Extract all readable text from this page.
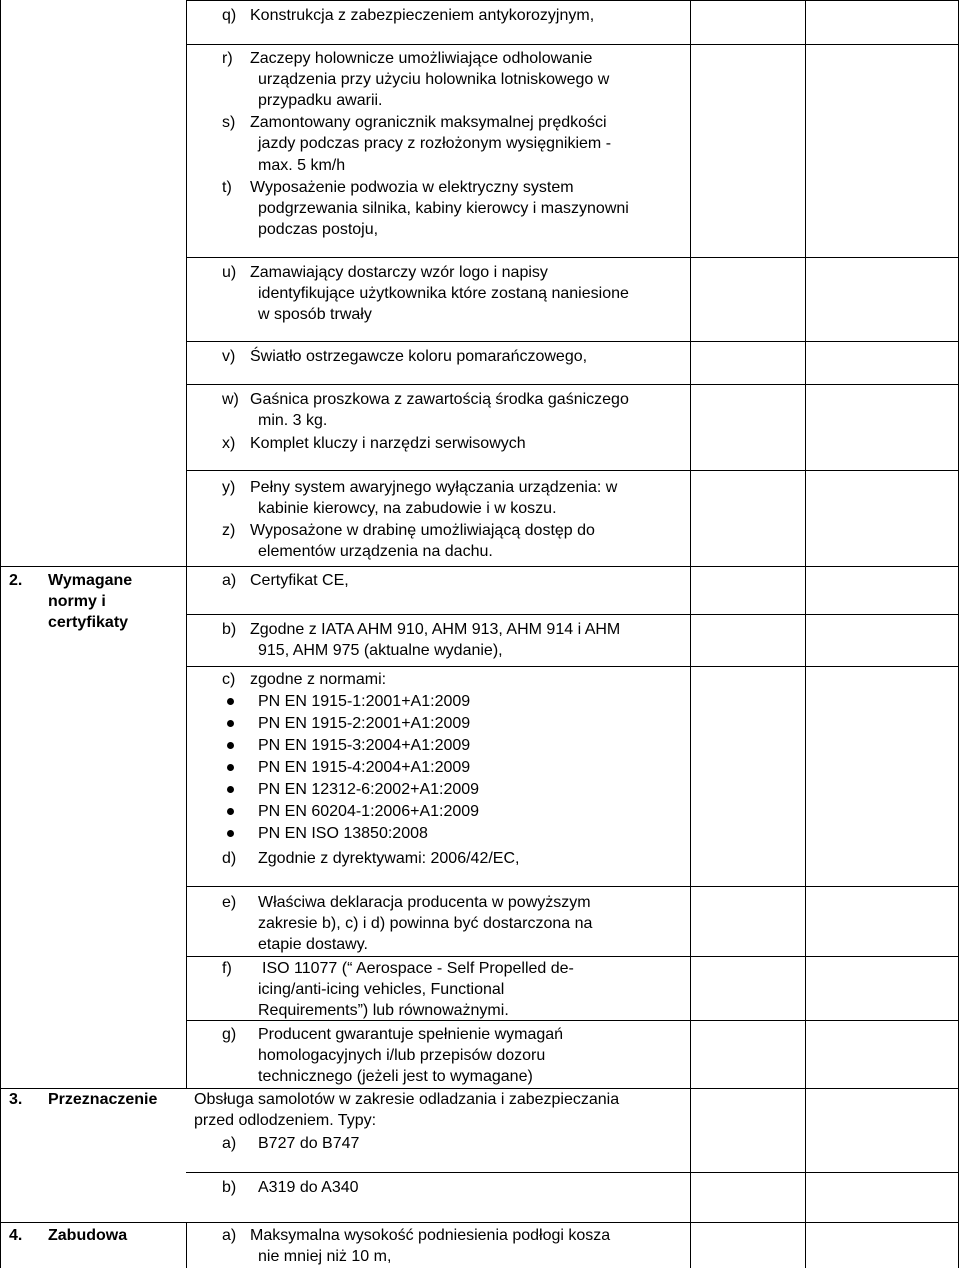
2. Wymagane
normy i
certyfikaty
3. Przeznaczenie
4. Zabudowa
q) Konstrukcja z zabezpieczeniem antykorozyjnym,
r) Zaczepy holownicze umożliwiające odholowanie
urządzenia przy użyciu holownika lotniskowego w
przypadku awarii.
s) Zamontowany ogranicznik maksymalnej prędkości
jazdy podczas pracy z rozłożonym wysięgnikiem -
max. 5 km/h
t) Wyposażenie podwozia w elektryczny system
podgrzewania silnika, kabiny kierowcy i maszynowni
podczas postoju,
u) Zamawiający dostarczy wzór logo i napisy
identyfikujące użytkownika które zostaną naniesione
w sposób trwały
v) Światło ostrzegawcze koloru pomarańczowego,
w) Gaśnica proszkowa z zawartością środka gaśniczego
min. 3 kg.
x) Komplet kluczy i narzędzi serwisowych
y) Pełny system awaryjnego wyłączania urządzenia: w
kabinie kierowcy, na zabudowie i w koszu.
z) Wyposażone w drabinę umożliwiającą dostęp do
elementów urządzenia na dachu.
a) Certyfikat CE,
b) Zgodne z IATA AHM 910, AHM 913, AHM 914 i AHM
915, AHM 975 (aktualne wydanie),
c) zgodne z normami:
PN EN 1915-1:2001+A1:2009
PN EN 1915-2:2001+A1:2009
PN EN 1915-3:2004+A1:2009
PN EN 1915-4:2004+A1:2009
PN EN 12312-6:2002+A1:2009
PN EN 60204-1:2006+A1:2009
PN EN ISO 13850:2008
d) Zgodnie z dyrektywami: 2006/42/EC,
e) Właściwa deklaracja producenta w powyższym
zakresie b), c) i d) powinna być dostarczona na
etapie dostawy.
f) ISO 11077 (“ Aerospace - Self Propelled de-
icing/anti-icing vehicles, Functional
Requirements”) lub równoważnymi.
g) Producent gwarantuje spełnienie wymagań
homologacyjnych i/lub przepisów dozoru
technicznego (jeżeli jest to wymagane)
Obsługa samolotów w zakresie odladzania i zabezpieczania
przed odlodzeniem. Typy:
a) B727 do B747
b) A319 do A340
a) Maksymalna wysokość podniesienia podłogi kosza
nie mniej niż 10 m,
